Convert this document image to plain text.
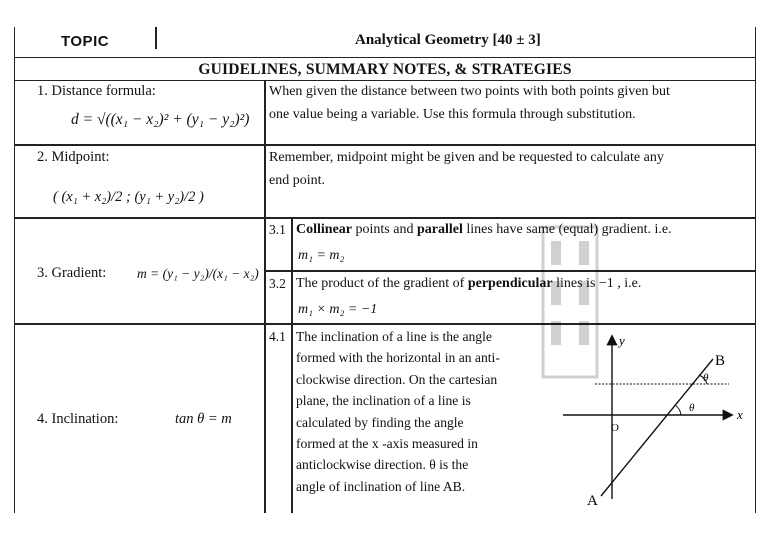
TOPIC	Analytical Geometry [40 ± 3]
GUIDELINES, SUMMARY NOTES, & STRATEGIES
1. Distance formula:
d = √((x₁ − x₂)² + (y₁ − y₂)²)
When given the distance between two points with both points given but
one value being a variable. Use this formula through substitution.
2. Midpoint:
( (x₁ + x₂)/2 ; (y₁ + y₂)/2 )
Remember, midpoint might be given and be requested to calculate any
end point.
3. Gradient: m = (y₁ − y₂)/(x₁ − x₂)
3.1 Collinear points and parallel lines have same (equal) gradient. i.e.
m₁ = m₂
3.2 The product of the gradient of perpendicular lines is −1 , i.e.
m₁ × m₂ = −1
4. Inclination:	tan θ = m
4.1 The inclination of a line is the angle
formed with the horizontal in an anti-
clockwise direction. On the cartesian
plane, the inclination of a line is
calculated by finding the angle
formed at the x -axis measured in
anticlockwise direction. θ is the
angle of inclination of line AB.
y
x
O
A
B
θ
θ
